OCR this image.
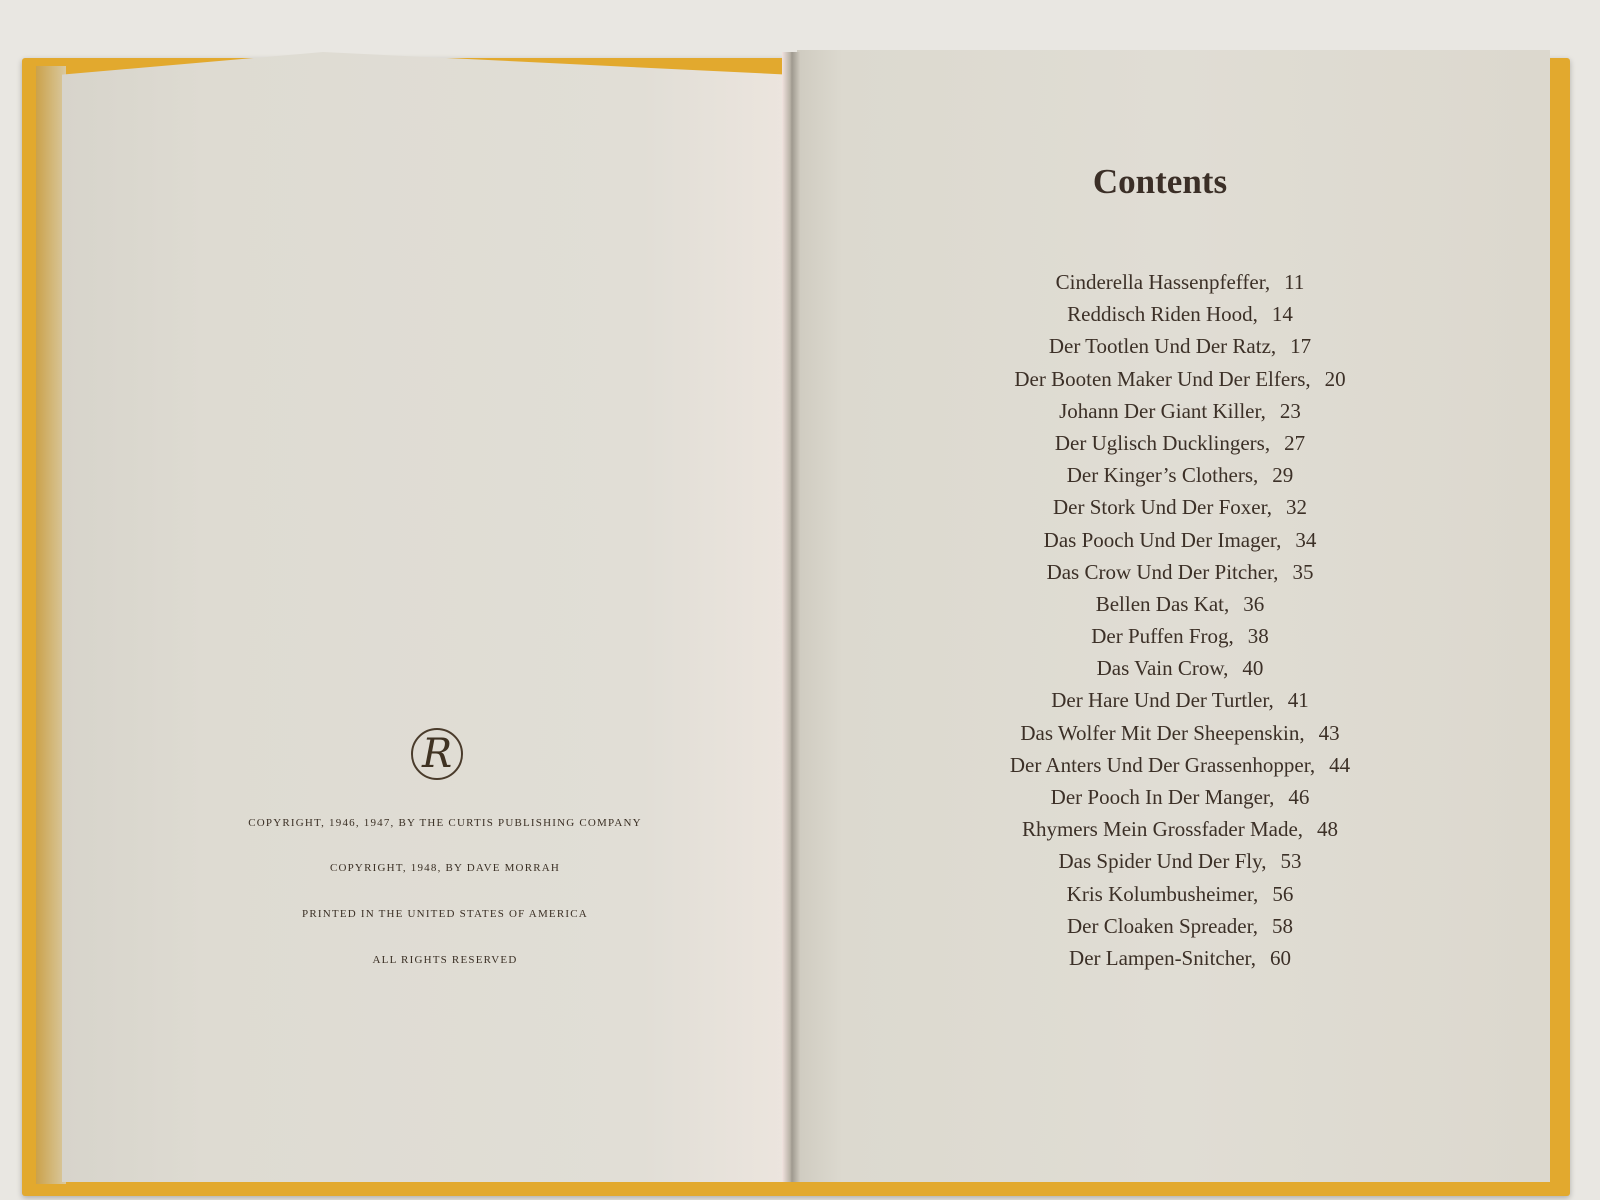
R
COPYRIGHT, 1946, 1947, BY THE CURTIS PUBLISHING COMPANY
COPYRIGHT, 1948, BY DAVE MORRAH
PRINTED IN THE UNITED STATES OF AMERICA
ALL RIGHTS RESERVED
Contents
Cinderella Hassenpfeffer, 11
Reddisch Riden Hood, 14
Der Tootlen Und Der Ratz, 17
Der Booten Maker Und Der Elfers, 20
Johann Der Giant Killer, 23
Der Uglisch Ducklingers, 27
Der Kinger’s Clothers, 29
Der Stork Und Der Foxer, 32
Das Pooch Und Der Imager, 34
Das Crow Und Der Pitcher, 35
Bellen Das Kat, 36
Der Puffen Frog, 38
Das Vain Crow, 40
Der Hare Und Der Turtler, 41
Das Wolfer Mit Der Sheepenskin, 43
Der Anters Und Der Grassenhopper, 44
Der Pooch In Der Manger, 46
Rhymers Mein Grossfader Made, 48
Das Spider Und Der Fly, 53
Kris Kolumbusheimer, 56
Der Cloaken Spreader, 58
Der Lampen-Snitcher, 60
